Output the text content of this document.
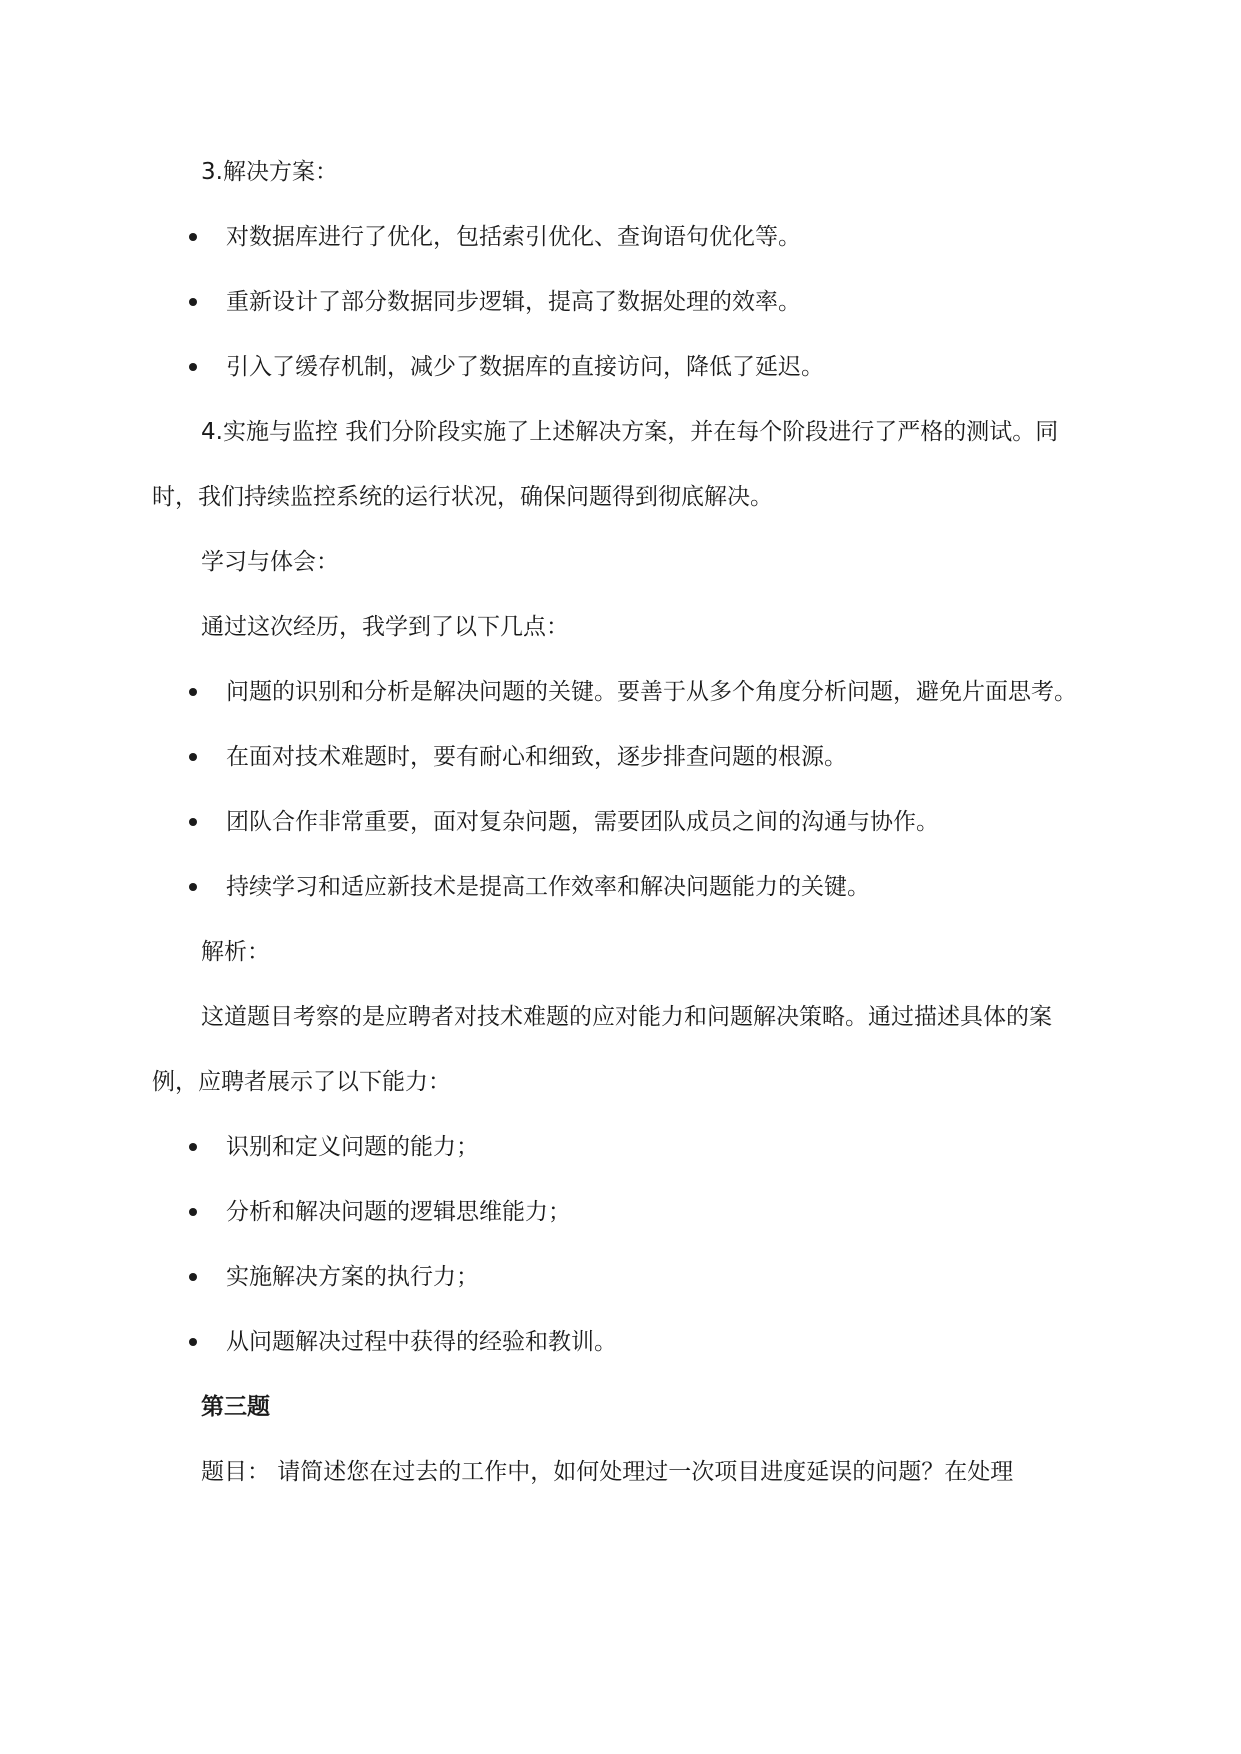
3.解决方案：

对数据库进行了优化，包括索引优化、查询语句优化等。
重新设计了部分数据同步逻辑，提高了数据处理的效率。
引入了缓存机制，减少了数据库的直接访问，降低了延迟。

4.实施与监控 我们分阶段实施了上述解决方案，并在每个阶段进行了严格的测试。同时，我们持续监控系统的运行状况，确保问题得到彻底解决。

学习与体会：

通过这次经历，我学到了以下几点：

问题的识别和分析是解决问题的关键。要善于从多个角度分析问题，避免片面思考。
在面对技术难题时，要有耐心和细致，逐步排查问题的根源。
团队合作非常重要，面对复杂问题，需要团队成员之间的沟通与协作。
持续学习和适应新技术是提高工作效率和解决问题能力的关键。

解析：

这道题目考察的是应聘者对技术难题的应对能力和问题解决策略。通过描述具体的案例，应聘者展示了以下能力：

识别和定义问题的能力；
分析和解决问题的逻辑思维能力；
实施解决方案的执行力；
从问题解决过程中获得的经验和教训。

第三题

题目： 请简述您在过去的工作中，如何处理过一次项目进度延误的问题？在处理
